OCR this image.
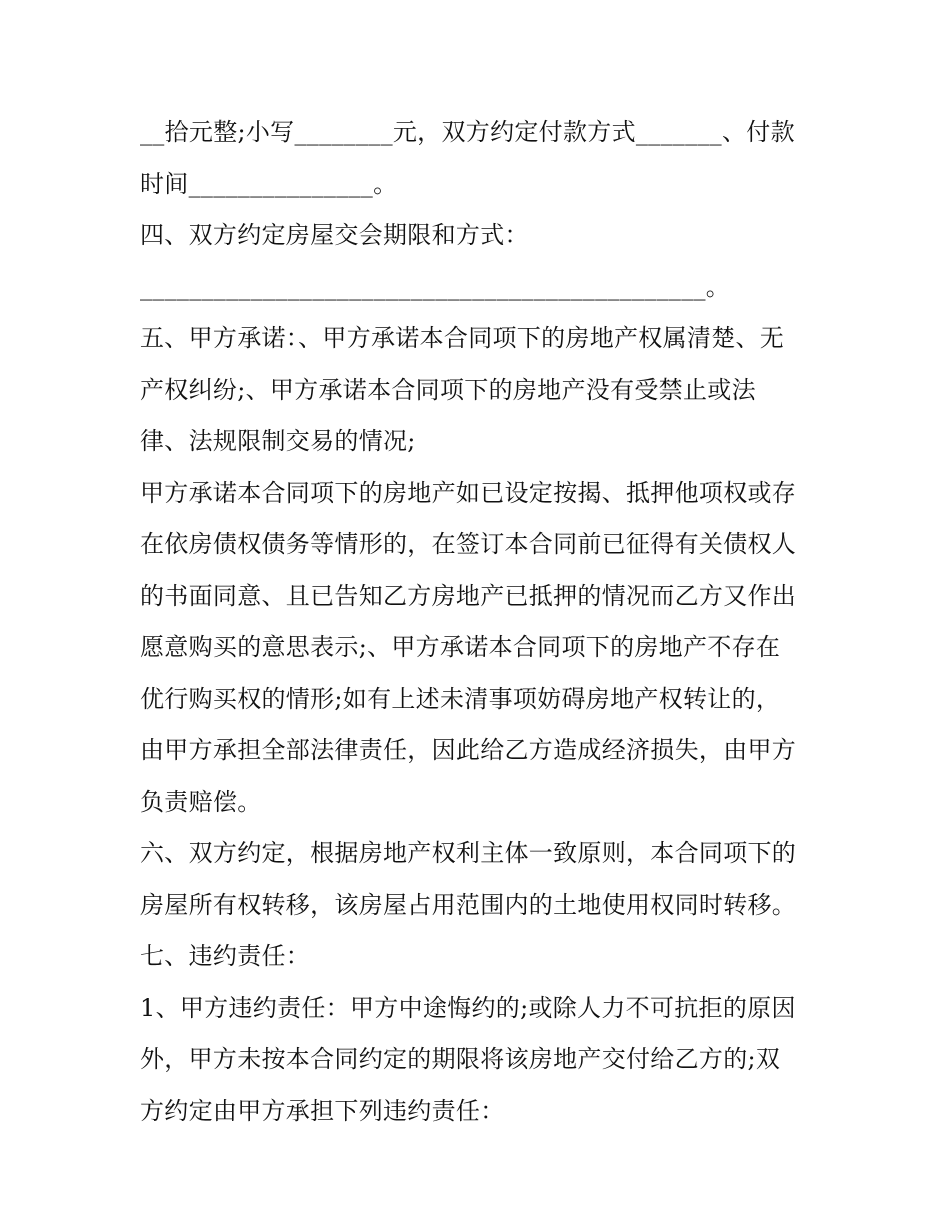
__拾元整;小写________元，双方约定付款方式_______、付款
时间_______________。
四、双方约定房屋交会期限和方式：
______________________________________________。
五、甲方承诺：、甲方承诺本合同项下的房地产权属清楚、无
产权纠纷;、甲方承诺本合同项下的房地产没有受禁止或法
律、法规限制交易的情况;
甲方承诺本合同项下的房地产如已设定按揭、抵押他项权或存
在依房债权债务等情形的，在签订本合同前已征得有关债权人
的书面同意、且已告知乙方房地产已抵押的情况而乙方又作出
愿意购买的意思表示;、甲方承诺本合同项下的房地产不存在
优行购买权的情形;如有上述未清事项妨碍房地产权转让的，
由甲方承担全部法律责任，因此给乙方造成经济损失，由甲方
负责赔偿。
六、双方约定，根据房地产权利主体一致原则，本合同项下的
房屋所有权转移，该房屋占用范围内的土地使用权同时转移。
七、违约责任：
1、甲方违约责任：甲方中途悔约的;或除人力不可抗拒的原因
外，甲方未按本合同约定的期限将该房地产交付给乙方的;双
方约定由甲方承担下列违约责任：
